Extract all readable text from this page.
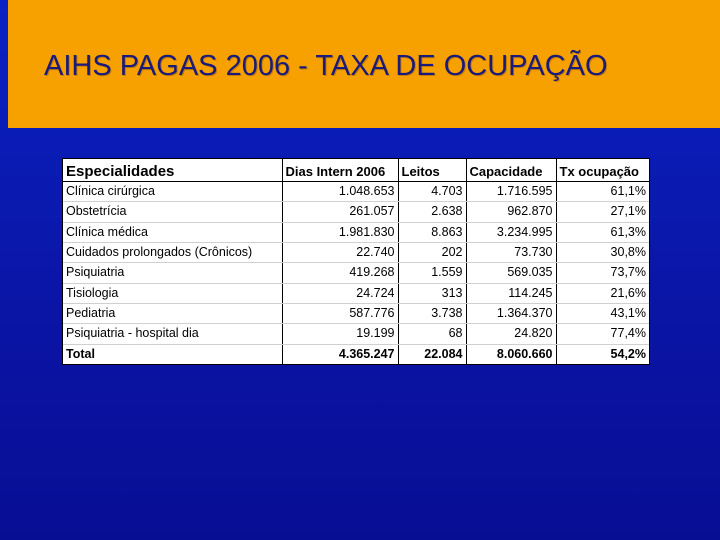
AIHS PAGAS 2006 - TAXA DE OCUPAÇÃO
Especialidades	Dias Intern 2006	Leitos	Capacidade	Tx ocupação
Clínica cirúrgica	1.048.653	4.703	1.716.595	61,1%
Obstetrícia	261.057	2.638	962.870	27,1%
Clínica médica	1.981.830	8.863	3.234.995	61,3%
Cuidados prolongados (Crônicos)	22.740	202	73.730	30,8%
Psiquiatria	419.268	1.559	569.035	73,7%
Tisiologia	24.724	313	114.245	21,6%
Pediatria	587.776	3.738	1.364.370	43,1%
Psiquiatria - hospital dia	19.199	68	24.820	77,4%
Total	4.365.247	22.084	8.060.660	54,2%
